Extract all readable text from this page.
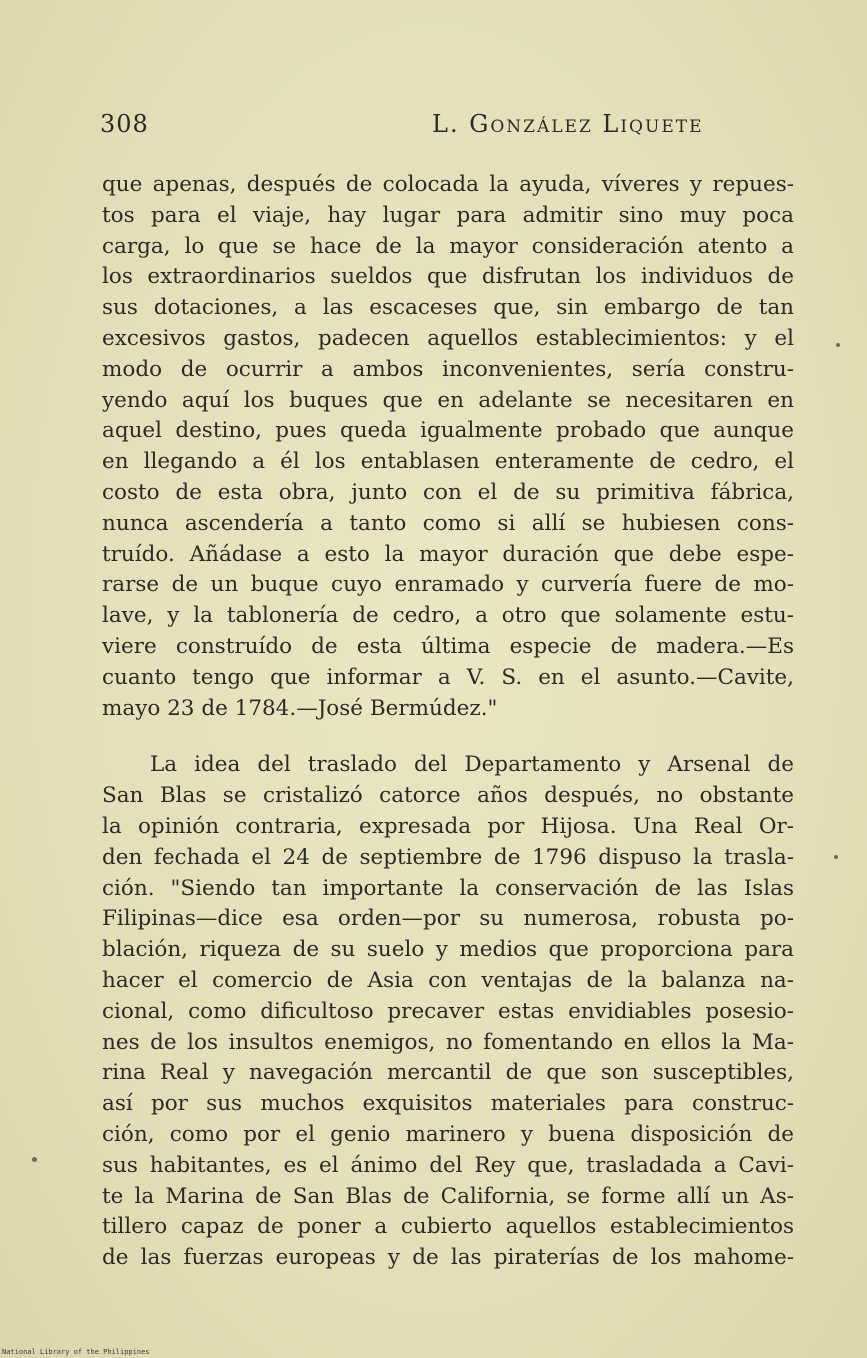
308	L. González Liquete
que apenas, después de colocada la ayuda, víveres y repues-
tos para el viaje, hay lugar para admitir sino muy poca
carga, lo que se hace de la mayor consideración atento a
los extraordinarios sueldos que disfrutan los individuos de
sus dotaciones, a las escaceses que, sin embargo de tan
excesivos gastos, padecen aquellos establecimientos: y el
modo de ocurrir a ambos inconvenientes, sería constru-
yendo aquí los buques que en adelante se necesitaren en
aquel destino, pues queda igualmente probado que aunque
en llegando a él los entablasen enteramente de cedro, el
costo de esta obra, junto con el de su primitiva fábrica,
nunca ascendería a tanto como si allí se hubiesen cons-
truído. Añádase a esto la mayor duración que debe espe-
rarse de un buque cuyo enramado y curvería fuere de mo-
lave, y la tablonería de cedro, a otro que solamente estu-
viere construído de esta última especie de madera.—Es
cuanto tengo que informar a V. S. en el asunto.—Cavite,
mayo 23 de 1784.—José Bermúdez."
La idea del traslado del Departamento y Arsenal de
San Blas se cristalizó catorce años después, no obstante
la opinión contraria, expresada por Hijosa. Una Real Or-
den fechada el 24 de septiembre de 1796 dispuso la trasla-
ción. "Siendo tan importante la conservación de las Islas
Filipinas—dice esa orden—por su numerosa, robusta po-
blación, riqueza de su suelo y medios que proporciona para
hacer el comercio de Asia con ventajas de la balanza na-
cional, como dificultoso precaver estas envidiables posesio-
nes de los insultos enemigos, no fomentando en ellos la Ma-
rina Real y navegación mercantil de que son susceptibles,
así por sus muchos exquisitos materiales para construc-
ción, como por el genio marinero y buena disposición de
sus habitantes, es el ánimo del Rey que, trasladada a Cavi-
te la Marina de San Blas de California, se forme allí un As-
tillero capaz de poner a cubierto aquellos establecimientos
de las fuerzas europeas y de las piraterías de los mahome-
National Library of the Philippines
